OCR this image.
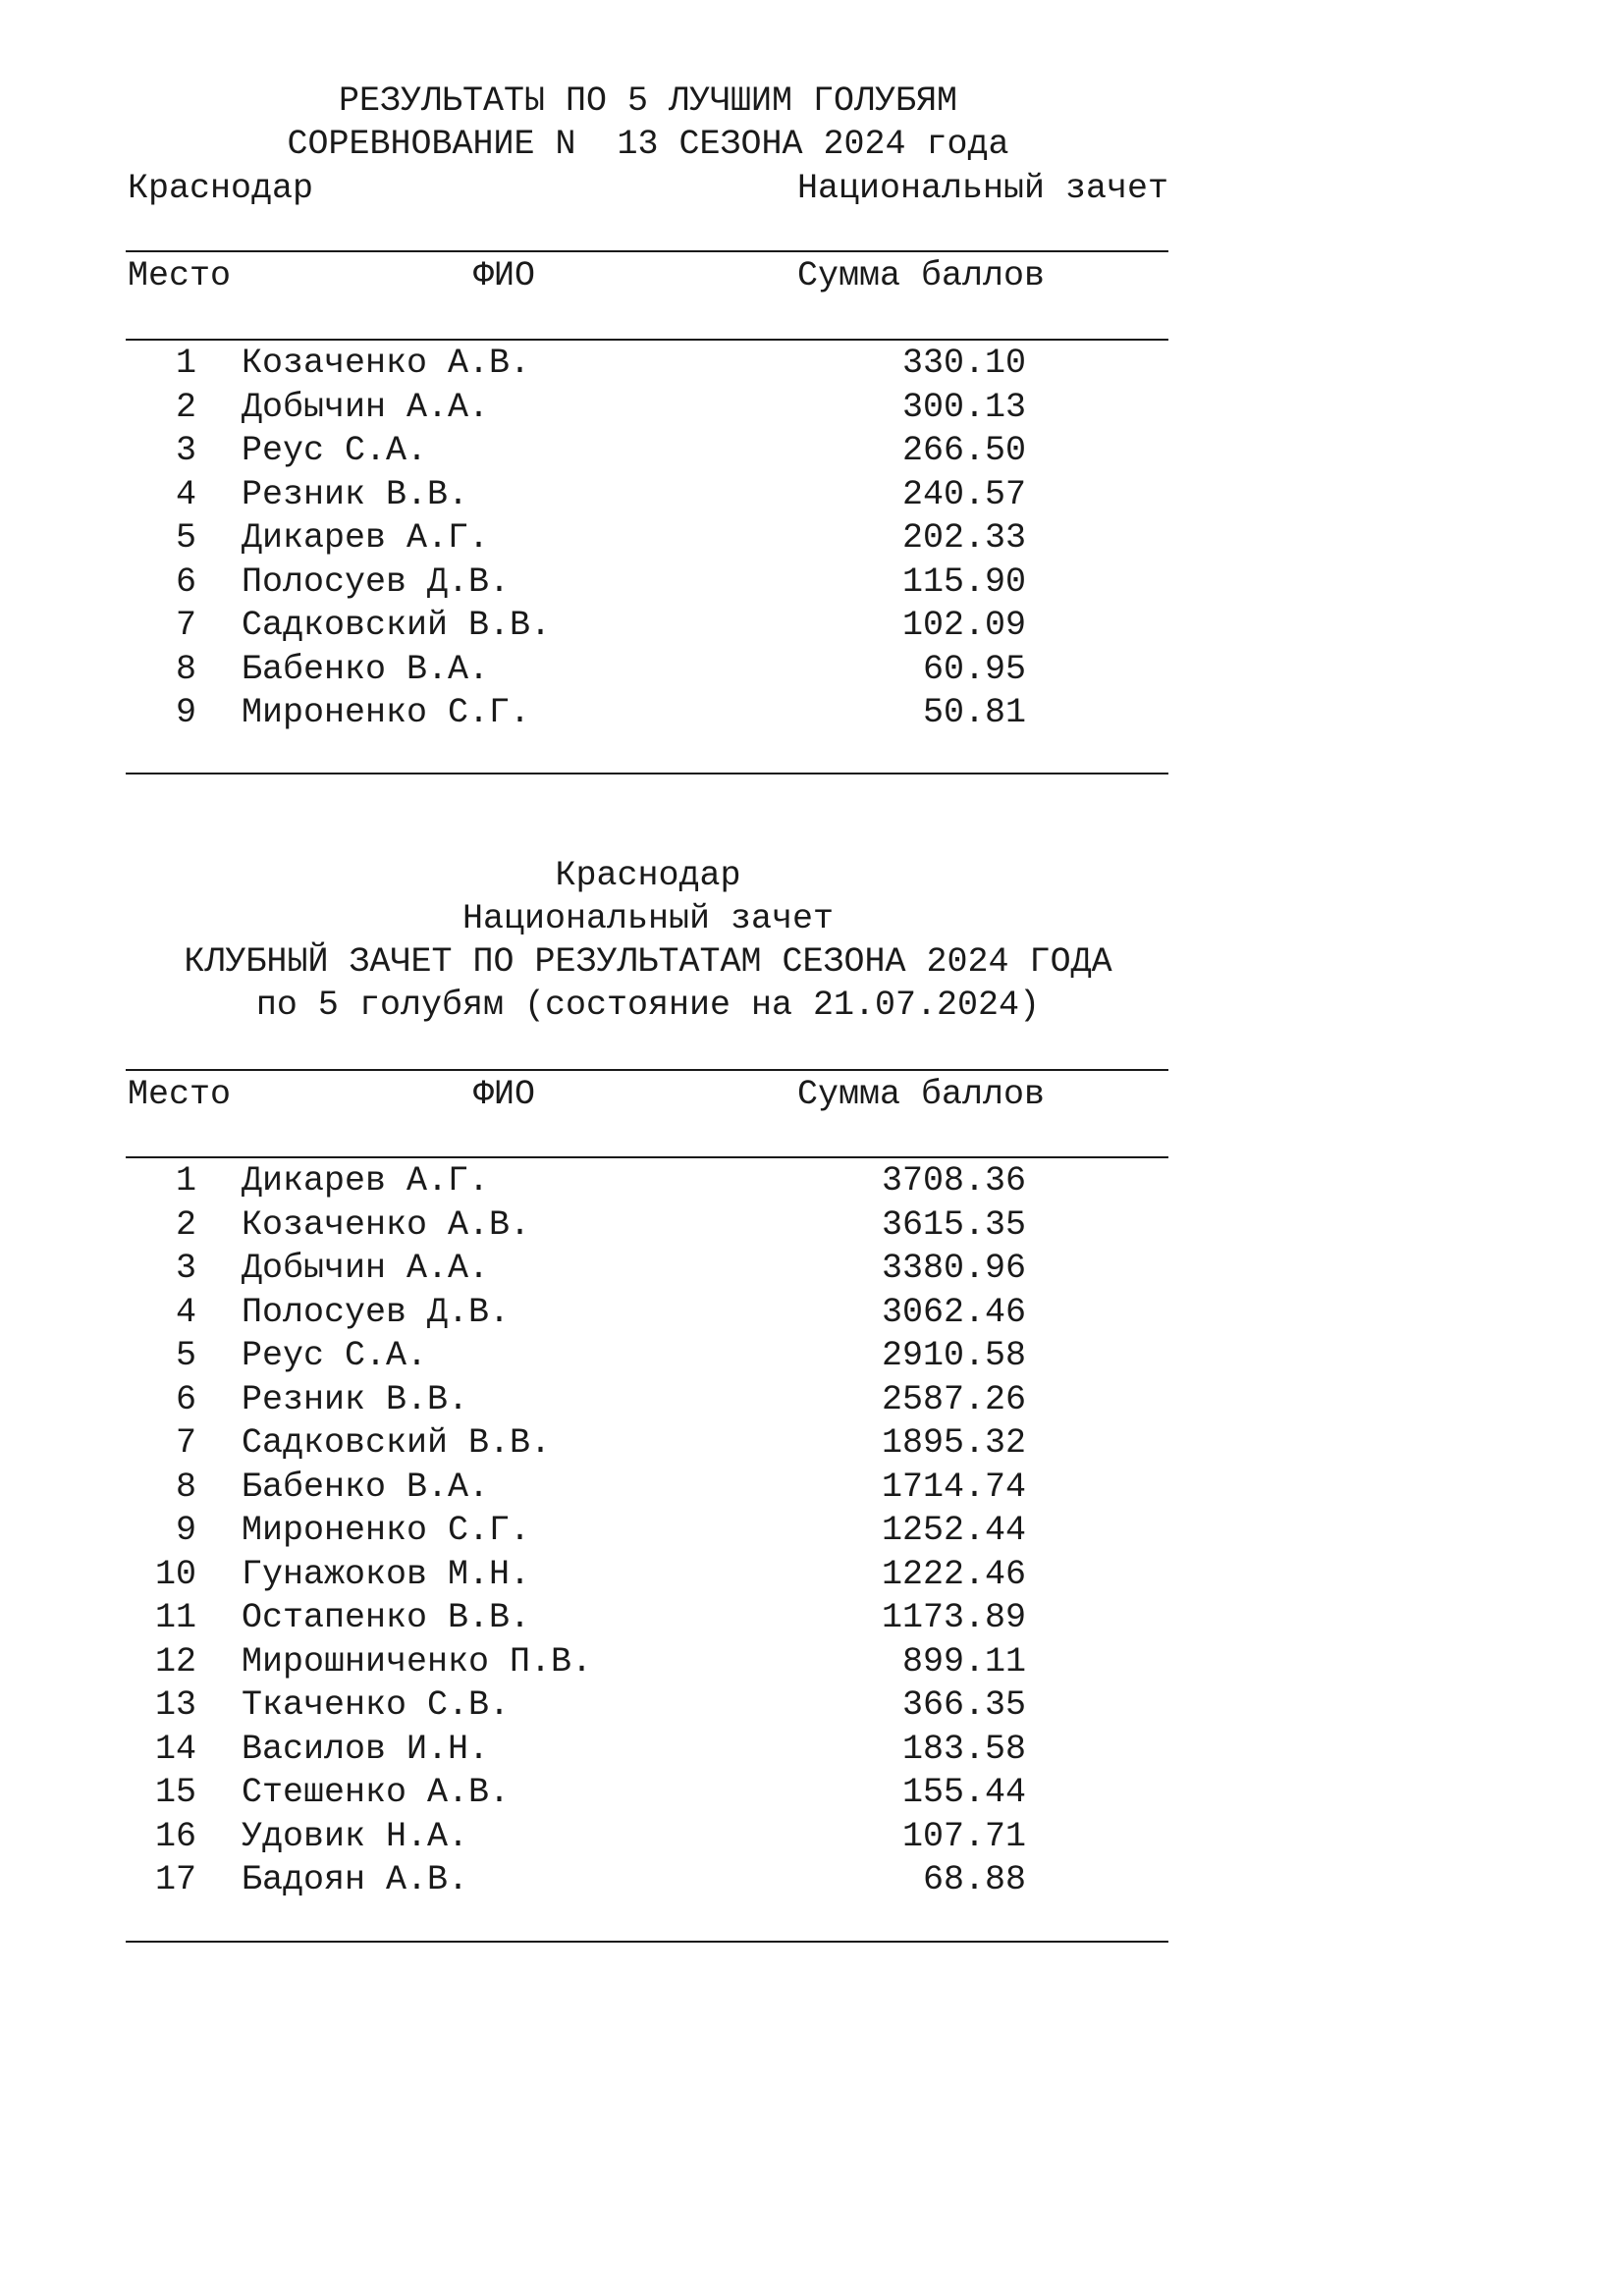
РЕЗУЛЬТАТЫ ПО 5 ЛУЧШИМ ГОЛУБЯМ
СОРЕВНОВАНИЕ N  13 СЕЗОНА 2024 года
Краснодар	Национальный зачет
Место	ФИО	Сумма баллов
1 Козаченко А.В.	330.10
2 Добычин А.А.	300.13
3 Реус С.А.	266.50
4 Резник В.В.	240.57
5 Дикарев А.Г.	202.33
6 Полосуев Д.В.	115.90
7 Садковский В.В.	102.09
8 Бабенко В.А.	60.95
9 Мироненко С.Г.	50.81
Краснодар
Национальный зачет
КЛУБНЫЙ ЗАЧЕТ ПО РЕЗУЛЬТАТАМ СЕЗОНА 2024 ГОДА
по 5 голубям (состояние на 21.07.2024)
Место	ФИО	Сумма баллов
1 Дикарев А.Г.	3708.36
2 Козаченко А.В.	3615.35
3 Добычин А.А.	3380.96
4 Полосуев Д.В.	3062.46
5 Реус С.А.	2910.58
6 Резник В.В.	2587.26
7 Садковский В.В.	1895.32
8 Бабенко В.А.	1714.74
9 Мироненко С.Г.	1252.44
10 Гунажоков М.Н.	1222.46
11 Остапенко В.В.	1173.89
12 Мирошниченко П.В.	899.11
13 Ткаченко С.В.	366.35
14 Василов И.Н.	183.58
15 Стешенко А.В.	155.44
16 Удовик Н.А.	107.71
17 Бадоян А.В.	68.88
